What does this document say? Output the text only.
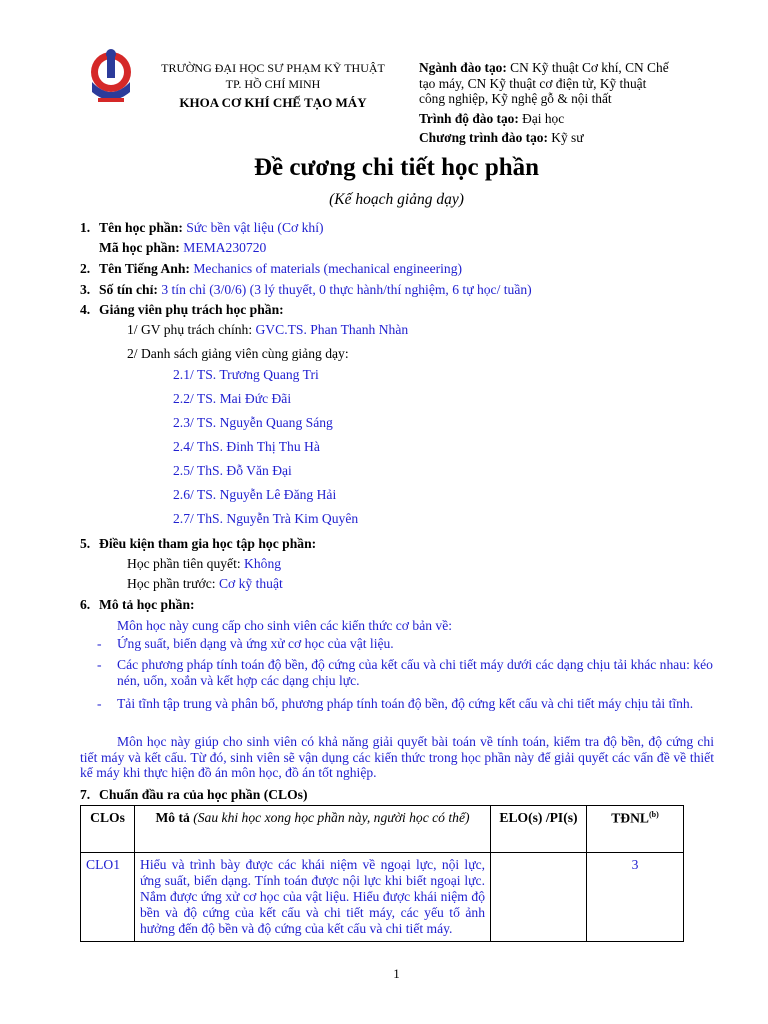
TRƯỜNG ĐẠI HỌC SƯ PHẠM KỸ THUẬT
TP. HỒ CHÍ MINH
KHOA CƠ KHÍ CHẾ TẠO MÁY
Ngành đào tạo: CN Kỹ thuật Cơ khí, CN Chế tạo máy, CN Kỹ thuật cơ điện tử, Kỹ thuật công nghiệp, Kỹ nghệ gỗ & nội thất
Trình độ đào tạo: Đại học
Chương trình đào tạo: Kỹ sư
Đề cương chi tiết học phần
(Kế hoạch giảng dạy)
1. Tên học phần: Sức bền vật liệu (Cơ khí)
Mã học phần: MEMA230720
2. Tên Tiếng Anh: Mechanics of materials (mechanical engineering)
3. Số tín chỉ: 3 tín chỉ (3/0/6) (3 lý thuyết, 0 thực hành/thí nghiệm, 6 tự học/ tuần)
4. Giảng viên phụ trách học phần:
1/ GV phụ trách chính: GVC.TS. Phan Thanh Nhàn
2/ Danh sách giảng viên cùng giảng dạy:
2.1/ TS. Trương Quang Tri
2.2/ TS. Mai Đức Đãi
2.3/ TS. Nguyễn Quang Sáng
2.4/ ThS. Đinh Thị Thu Hà
2.5/ ThS. Đỗ Văn Đại
2.6/ TS. Nguyễn Lê Đăng Hải
2.7/ ThS. Nguyễn Trà Kim Quyên
5. Điều kiện tham gia học tập học phần:
Học phần tiên quyết: Không
Học phần trước: Cơ kỹ thuật
6. Mô tả học phần:
Môn học này cung cấp cho sinh viên các kiến thức cơ bản về:
- Ứng suất, biến dạng và ứng xử cơ học của vật liệu.
- Các phương pháp tính toán độ bền, độ cứng của kết cấu và chi tiết máy dưới các dạng chịu tải khác nhau: kéo nén, uốn, xoắn và kết hợp các dạng chịu lực.
- Tải tĩnh tập trung và phân bố, phương pháp tính toán độ bền, độ cứng kết cấu và chi tiết máy chịu tải tĩnh.
Môn học này giúp cho sinh viên có khả năng giải quyết bài toán về tính toán, kiểm tra độ bền, độ cứng chi tiết máy và kết cấu. Từ đó, sinh viên sẽ vận dụng các kiến thức trong học phần này để giải quyết các vấn đề về thiết kế máy khi thực hiện đồ án môn học, đồ án tốt nghiệp.
7. Chuẩn đầu ra của học phần (CLOs)
CLOs	Mô tả (Sau khi học xong học phần này, người học có thể)	ELO(s) /PI(s)	TĐNL$^{(b)}$
CLO1	Hiểu và trình bày được các khái niệm về ngoại lực, nội lực, ứng suất, biến dạng. Tính toán được nội lực khi biết ngoại lực. Nắm được ứng xử cơ học của vật liệu. Hiểu được khái niệm độ bền và độ cứng của kết cấu và chi tiết máy, các yếu tố ảnh hưởng đến độ bền và độ cứng của kết cấu và chi tiết máy.		3
1
